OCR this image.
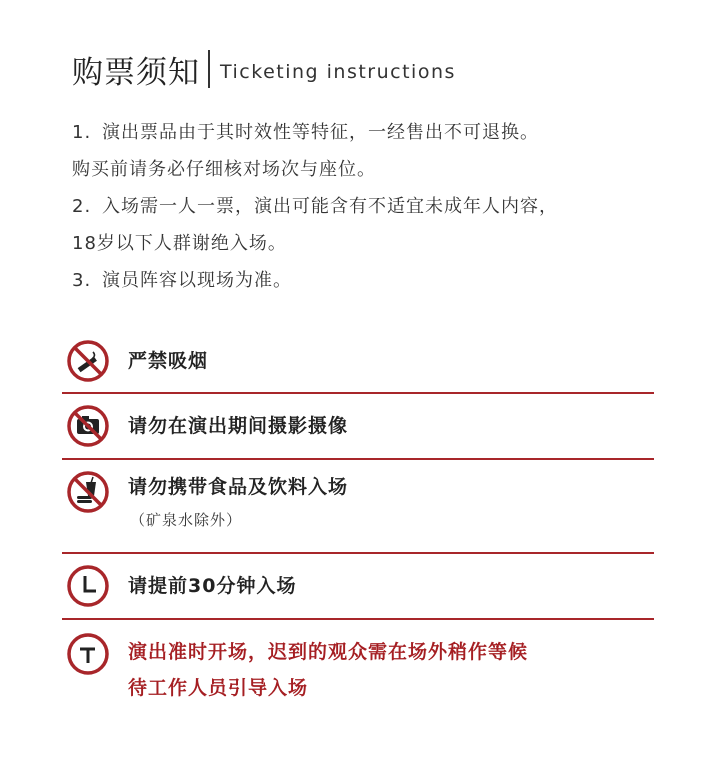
购票须知 Ticketing instructions
1. 演出票品由于其时效性等特征，一经售出不可退换。
购买前请务必仔细核对场次与座位。
2. 入场需一人一票，演出可能含有不适宜未成年人内容，
18岁以下人群谢绝入场。
3. 演员阵容以现场为准。
严禁吸烟
请勿在演出期间摄影摄像
请勿携带食品及饮料入场
（矿泉水除外）
请提前30分钟入场
演出准时开场，迟到的观众需在场外稍作等候
待工作人员引导入场
